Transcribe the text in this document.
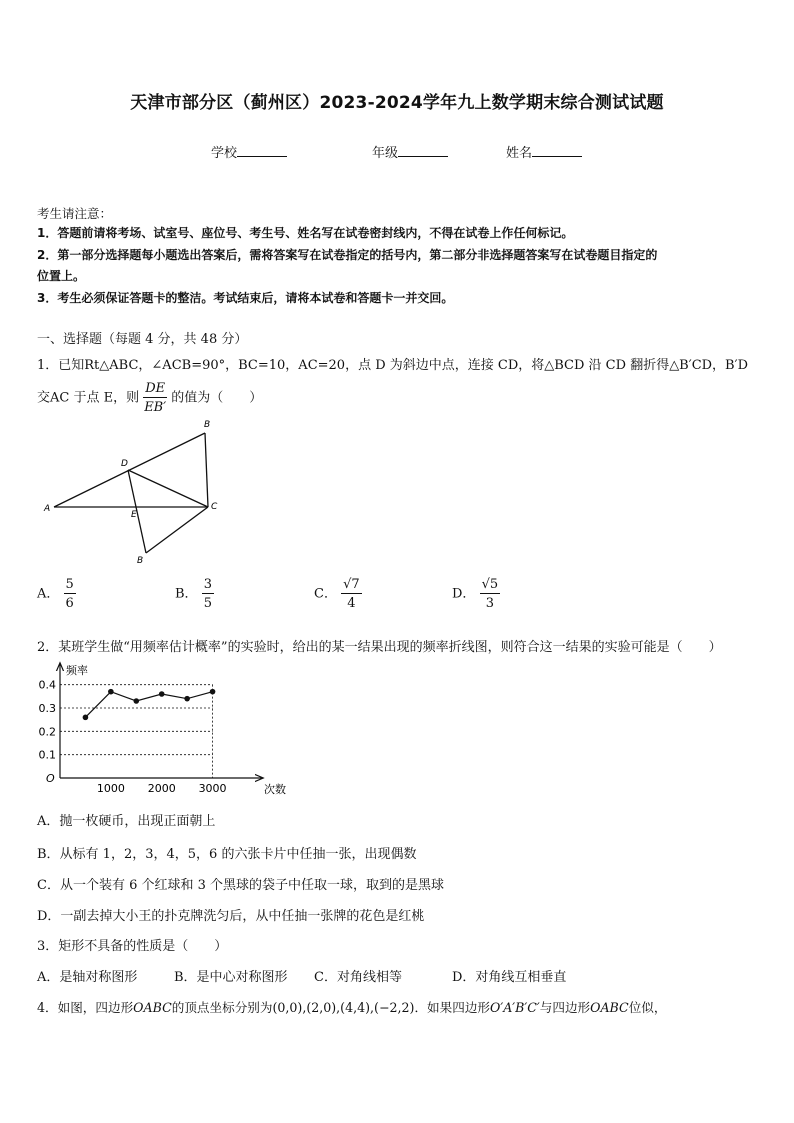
天津市部分区（蓟州区）2023-2024学年九上数学期末综合测试试题
学校	年级	姓名
考生请注意：
1．答题前请将考场、试室号、座位号、考生号、姓名写在试卷密封线内，不得在试卷上作任何标记。
2．第一部分选择题每小题选出答案后，需将答案写在试卷指定的括号内，第二部分非选择题答案写在试卷题目指定的
位置上。
3．考生必须保证答题卡的整洁。考试结束后，请将本试卷和答题卡一并交回。
一、选择题（每题 4 分，共 48 分）
1．已知Rt△ABC，∠ACB=90°，BC=10，AC=20，点 D 为斜边中点，连接 CD，将△BCD 沿 CD 翻折得△B′CD，B′D
交AC 于点 E，则 $\frac{DE}{EB'}$ 的值为（　　）
A
B
C
D
E
B
A． $\frac{5}{6}$	B． $\frac{3}{5}$	C． $\frac{√7}{4}$	D． $\frac{√5}{3}$
2．某班学生做“用频率估计概率”的实验时，给出的某一结果出现的频率折线图，则符合这一结果的实验可能是（　　）
0.4
0.3
0.2
0.1
1000 2000 3000
频率
次数
O
A．抛一枚硬币，出现正面朝上
B．从标有 1，2，3，4，5，6 的六张卡片中任抽一张，出现偶数
C．从一个装有 6 个红球和 3 个黑球的袋子中任取一球，取到的是黑球
D．一副去掉大小王的扑克牌洗匀后，从中任抽一张牌的花色是红桃
3．矩形不具备的性质是（　　）
A．是轴对称图形	B．是中心对称图形 C．对角线相等	D．对角线互相垂直
4．如图，四边形OABC的顶点坐标分别为(0,0),(2,0),(4,4),(−2,2)．如果四边形O′A′B′C′与四边形OABC位似，
